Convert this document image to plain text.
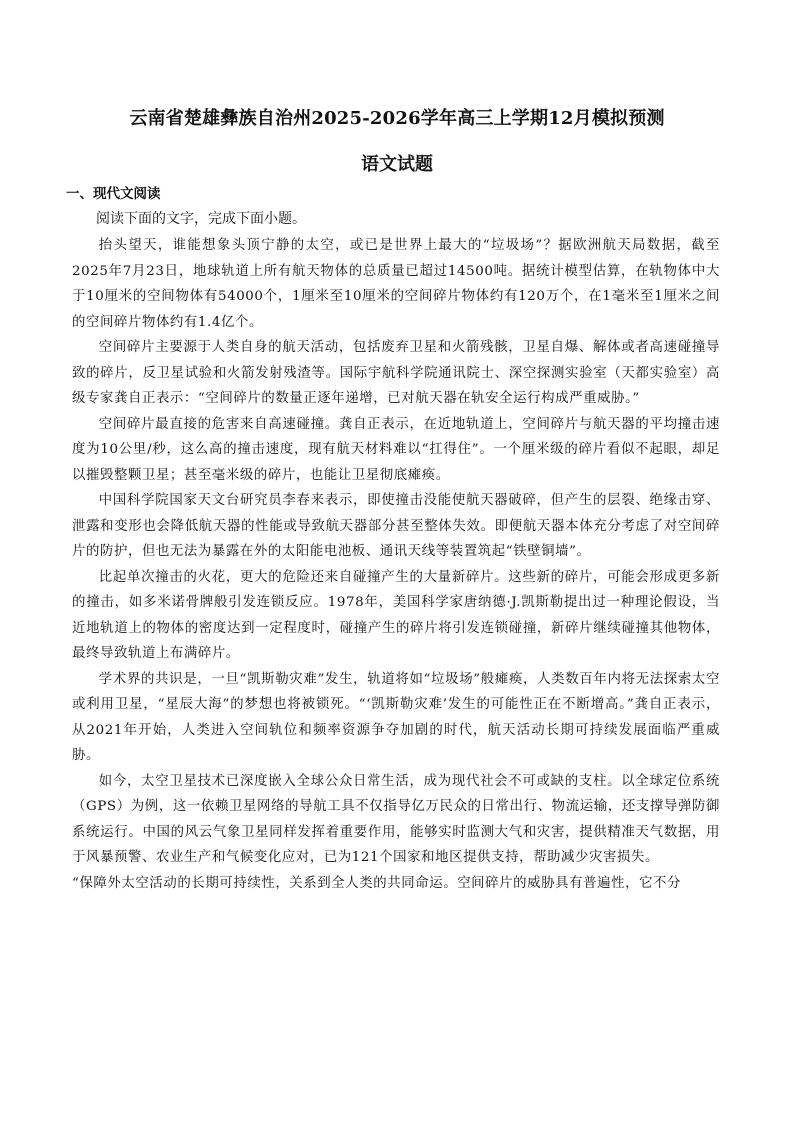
云南省楚雄彝族自治州2025-2026学年高三上学期12月模拟预测
语文试题
一、现代文阅读
阅读下面的文字，完成下面小题。

抬头望天，谁能想象头顶宁静的太空，或已是世界上最大的“垃圾场”？据欧洲航天局数据，截至2025年7月23日，地球轨道上所有航天物体的总质量已超过14500吨。据统计模型估算，在轨物体中大于10厘米的空间物体有54000个，1厘米至10厘米的空间碎片物体约有120万个，在1毫米至1厘米之间的空间碎片物体约有1.4亿个。

空间碎片主要源于人类自身的航天活动，包括废弃卫星和火箭残骸，卫星自爆、解体或者高速碰撞导致的碎片，反卫星试验和火箭发射残渣等。国际宇航科学院通讯院士、深空探测实验室（天都实验室）高级专家龚自正表示：“空间碎片的数量正逐年递增，已对航天器在轨安全运行构成严重威胁。”

空间碎片最直接的危害来自高速碰撞。龚自正表示，在近地轨道上，空间碎片与航天器的平均撞击速度为10公里/秒，这么高的撞击速度，现有航天材料难以“扛得住”。一个厘米级的碎片看似不起眼，却足以摧毁整颗卫星；甚至毫米级的碎片，也能让卫星彻底瘫痪。

中国科学院国家天文台研究员李春来表示，即使撞击没能使航天器破碎，但产生的层裂、绝缘击穿、泄露和变形也会降低航天器的性能或导致航天器部分甚至整体失效。即便航天器本体充分考虑了对空间碎片的防护，但也无法为暴露在外的太阳能电池板、通讯天线等装置筑起“铁壁铜墙”。

比起单次撞击的火花，更大的危险还来自碰撞产生的大量新碎片。这些新的碎片，可能会形成更多新的撞击，如多米诺骨牌般引发连锁反应。1978年，美国科学家唐纳德·J.凯斯勒提出过一种理论假设，当近地轨道上的物体的密度达到一定程度时，碰撞产生的碎片将引发连锁碰撞，新碎片继续碰撞其他物体，最终导致轨道上布满碎片。

学术界的共识是，一旦“凯斯勒灾难”发生，轨道将如“垃圾场”般瘫痪，人类数百年内将无法探索太空或利用卫星，“星辰大海”的梦想也将被锁死。“‘凯斯勒灾难’发生的可能性正在不断增高。”龚自正表示，从2021年开始，人类进入空间轨位和频率资源争夺加剧的时代，航天活动长期可持续发展面临严重威胁。

如今，太空卫星技术已深度嵌入全球公众日常生活，成为现代社会不可或缺的支柱。以全球定位系统（GPS）为例，这一依赖卫星网络的导航工具不仅指导亿万民众的日常出行、物流运输，还支撑导弹防御系统运行。中国的风云气象卫星同样发挥着重要作用，能够实时监测大气和灾害，提供精准天气数据，用于风暴预警、农业生产和气候变化应对，已为121个国家和地区提供支持，帮助减少灾害损失。

“保障外太空活动的长期可持续性，关系到全人类的共同命运。空间碎片的威胁具有普遍性，它不分
